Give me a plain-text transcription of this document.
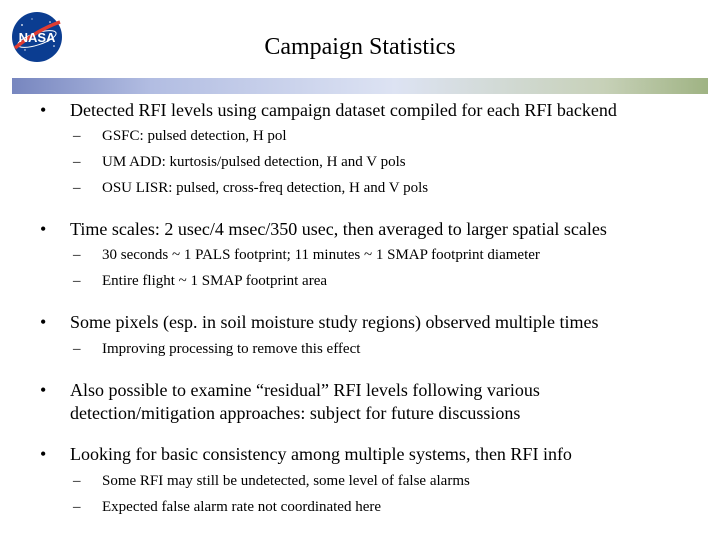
NASA	Campaign Statistics
• Detected RFI levels using campaign dataset compiled for each RFI backend
– GSFC: pulsed detection, H pol
– UM ADD: kurtosis/pulsed detection, H and V pols
– OSU LISR: pulsed, cross-freq detection, H and V pols
• Time scales: 2 usec/4 msec/350 usec, then averaged to larger spatial scales
– 30 seconds ~ 1 PALS footprint; 11 minutes ~ 1 SMAP footprint diameter
– Entire flight ~ 1 SMAP footprint area
• Some pixels (esp. in soil moisture study regions) observed multiple times
– Improving processing to remove this effect
• Also possible to examine “residual” RFI levels following various detection/mitigation approaches: subject for future discussions
• Looking for basic consistency among multiple systems, then RFI info
– Some RFI may still be undetected, some level of false alarms
– Expected false alarm rate not coordinated here
